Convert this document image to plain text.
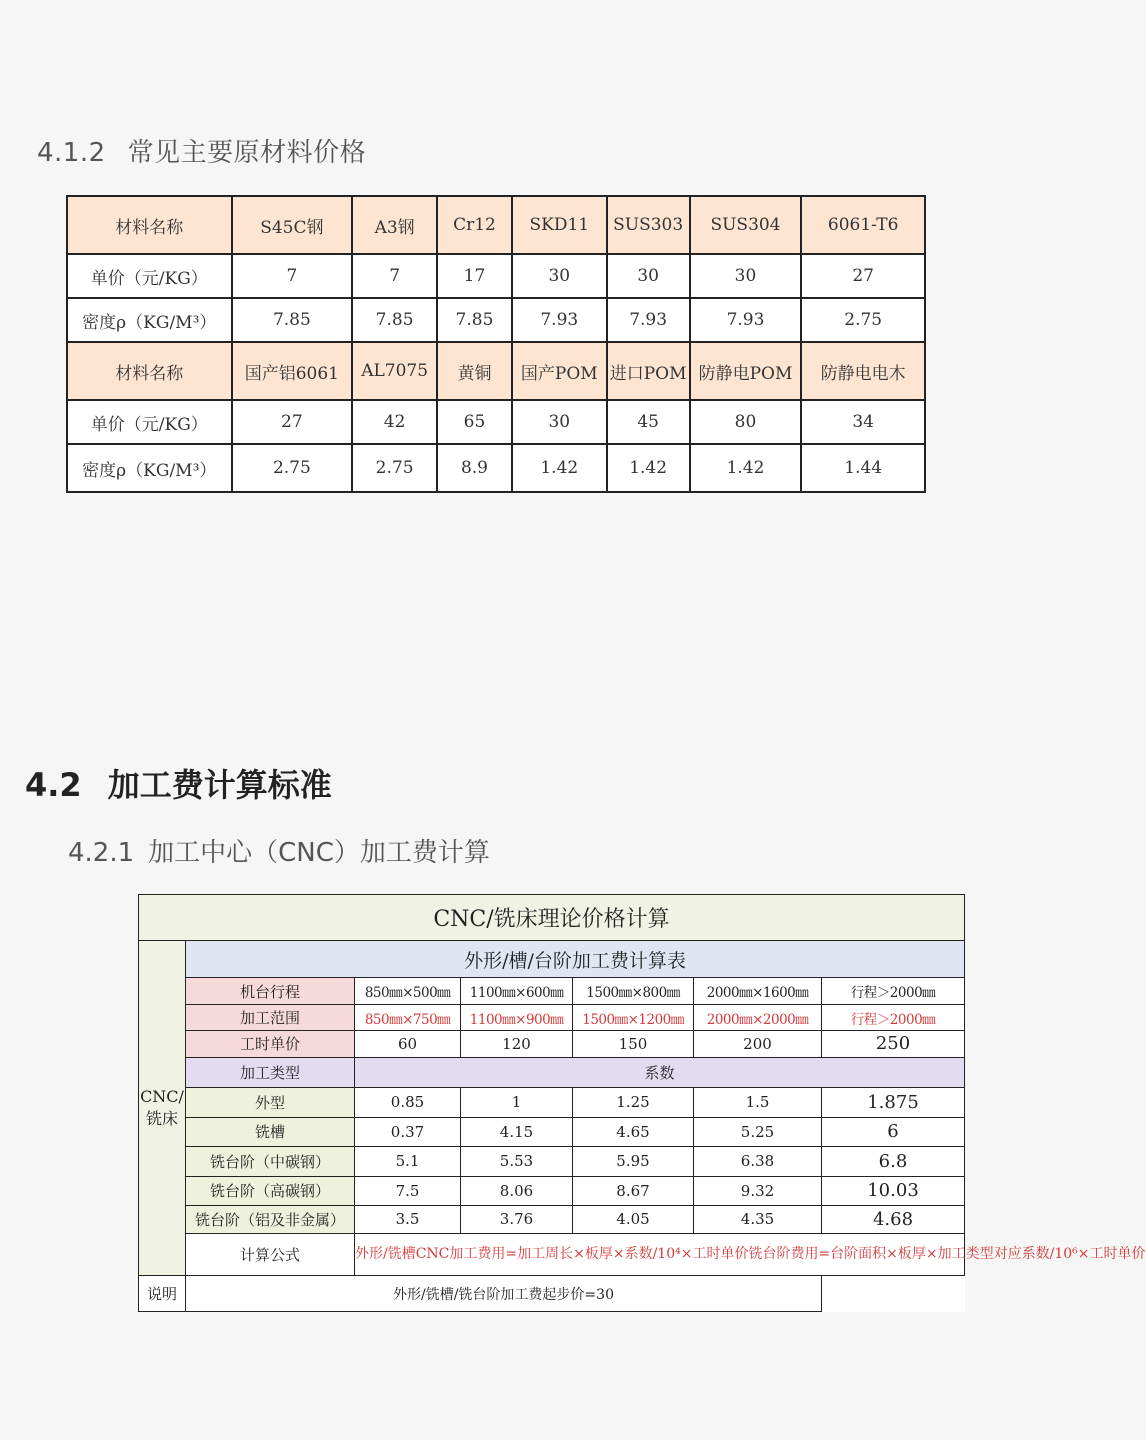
4.1.2 常见主要原材料价格
材料名称	S45C钢	A3钢	Cr12	SKD11	SUS303	SUS304	6061-T6
单价（元/KG）	7	7	17	30	30	30	27
密度ρ（KG/M³）	7.85	7.85	7.85	7.93	7.93	7.93	2.75
材料名称	国产铝6061	AL7075	黄铜	国产POM	进口POM	防静电POM	防静电电木
单价（元/KG）	27	42	65	30	45	80	34
密度ρ（KG/M³）	2.75	2.75	8.9	1.42	1.42	1.42	1.44
4.2 加工费计算标准
4.2.1 加工中心（CNC）加工费计算
CNC/铣床理论价格计算						
CNC/
铣床	外形/槽/台阶加工费计算表					
	机台行程	850㎜×500㎜	1100㎜×600㎜	1500㎜×800㎜	2000㎜×1600㎜	行程＞2000㎜
	加工范围	850㎜×750㎜	1100㎜×900㎜	1500㎜×1200㎜	2000㎜×2000㎜	行程＞2000㎜
	工时单价	60	120	150	200	250
	加工类型	系数				
	外型	0.85	1	1.25	1.5	1.875
	铣槽	0.37	4.15	4.65	5.25	6
	铣台阶（中碳钢）	5.1	5.53	5.95	6.38	6.8
	铣台阶（高碳钢）	7.5	8.06	8.67	9.32	10.03
	铣台阶（铝及非金属）	3.5	3.76	4.05	4.35	4.68
	计算公式	外形/铣槽CNC加工费用=加工周长×板厚×系数/10⁴×工时单价铣台阶费用=台阶面积×板厚×加工类型对应系数/10⁶×工时单价				
说明	外形/铣槽/铣台阶加工费起步价=30					
